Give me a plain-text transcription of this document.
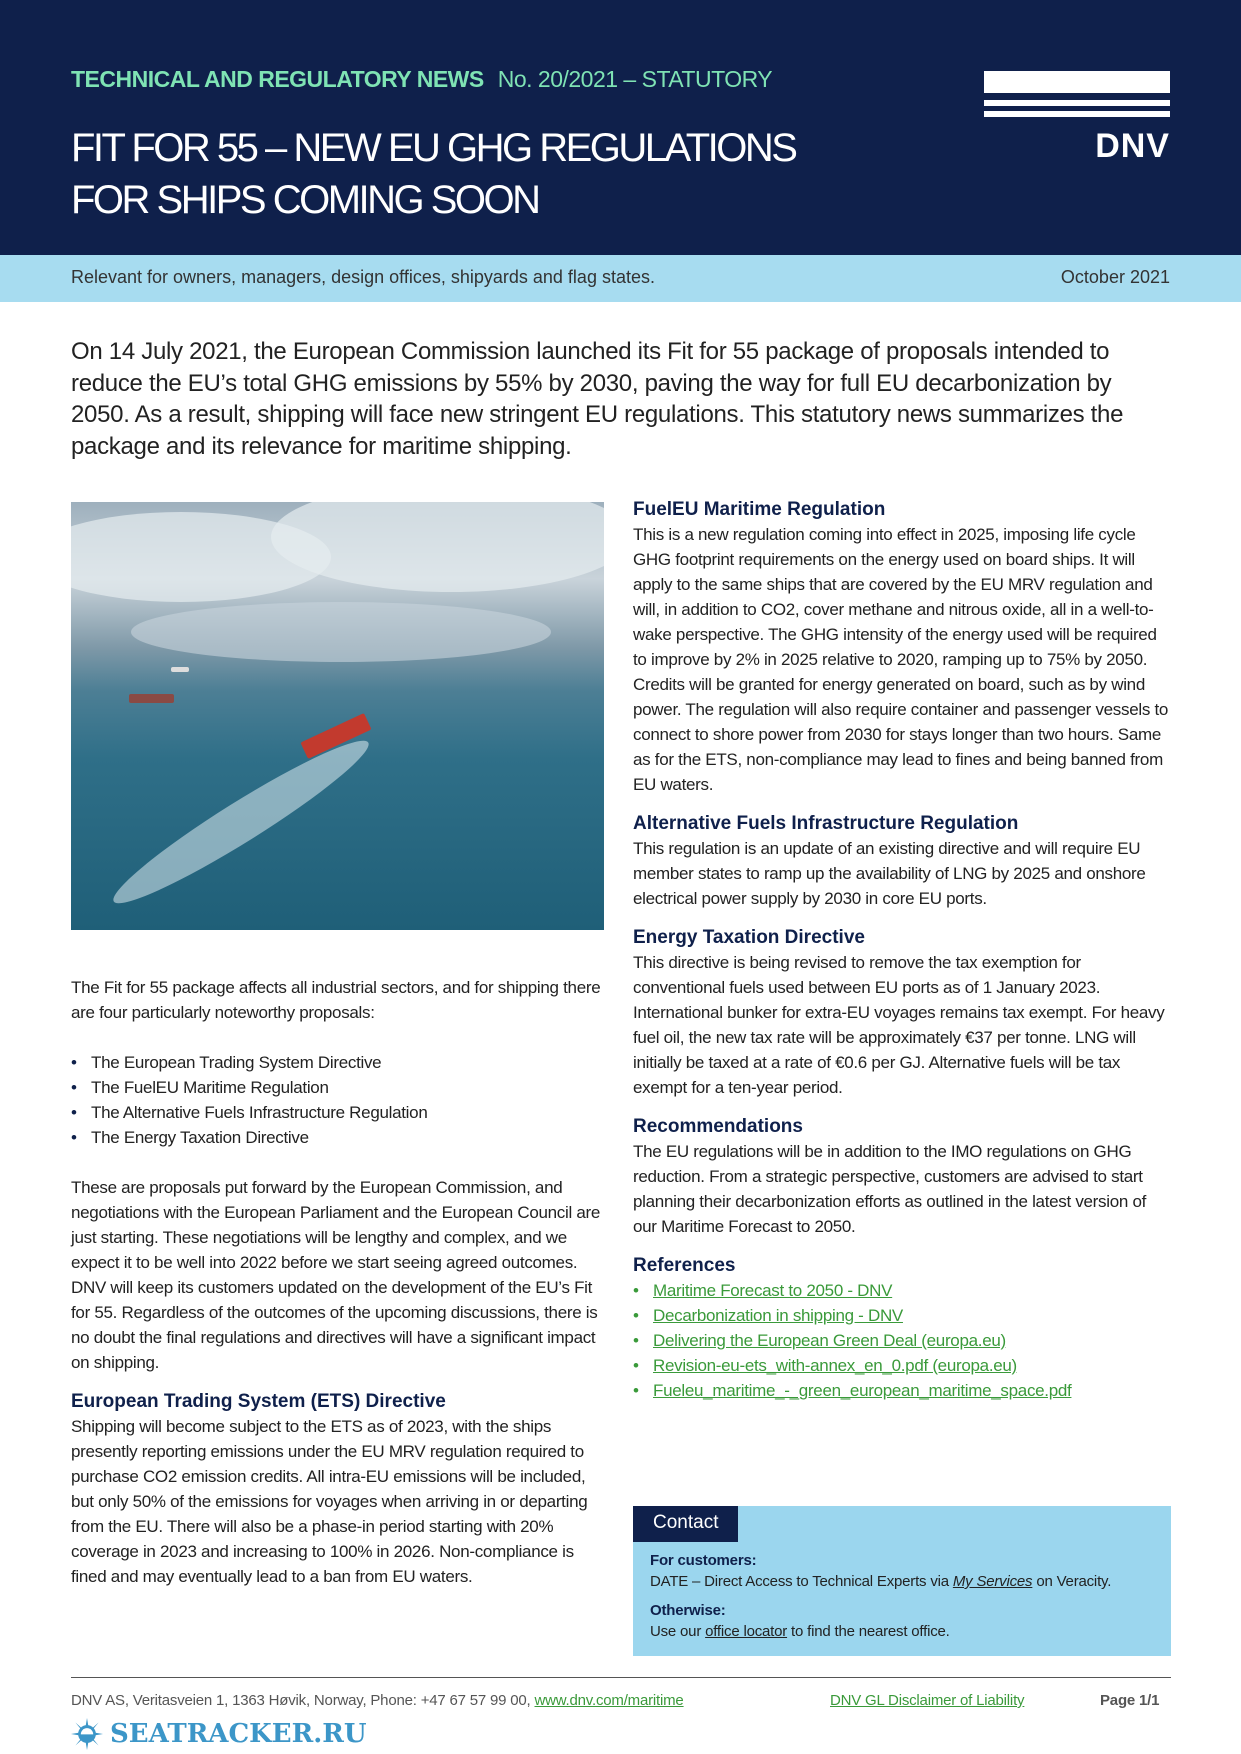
TECHNICAL AND REGULATORY NEWS No. 20/2021 – STATUTORY
FIT FOR 55 – NEW EU GHG REGULATIONS
FOR SHIPS COMING SOON
DNV
Relevant for owners, managers, design offices, shipyards and flag states.	October 2021

On 14 July 2021, the European Commission launched its Fit for 55 package of proposals intended to reduce the EU’s total GHG emissions by 55% by 2030, paving the way for full EU decarbonization by 2050. As a result, shipping will face new stringent EU regulations. This statutory news summarizes the package and its relevance for maritime shipping.

The Fit for 55 package affects all industrial sectors, and for shipping there are four particularly noteworthy proposals:

• The European Trading System Directive
• The FuelEU Maritime Regulation
• The Alternative Fuels Infrastructure Regulation
• The Energy Taxation Directive

These are proposals put forward by the European Commission, and negotiations with the European Parliament and the European Council are just starting. These negotiations will be lengthy and complex, and we expect it to be well into 2022 before we start seeing agreed outcomes. DNV will keep its customers updated on the development of the EU’s Fit for 55. Regardless of the outcomes of the upcoming discussions, there is no doubt the final regulations and directives will have a significant impact on shipping.

European Trading System (ETS) Directive

Shipping will become subject to the ETS as of 2023, with the ships presently reporting emissions under the EU MRV regulation required to purchase CO2 emission credits. All intra-EU emissions will be included, but only 50% of the emissions for voyages when arriving in or departing from the EU. There will also be a phase-in period starting with 20% coverage in 2023 and increasing to 100% in 2026. Non-compliance is fined and may eventually lead to a ban from EU waters.

FuelEU Maritime Regulation

This is a new regulation coming into effect in 2025, imposing life cycle GHG footprint requirements on the energy used on board ships. It will apply to the same ships that are covered by the EU MRV regulation and will, in addition to CO2, cover methane and nitrous oxide, all in a well-to-wake perspective. The GHG intensity of the energy used will be required to improve by 2% in 2025 relative to 2020, ramping up to 75% by 2050. Credits will be granted for energy generated on board, such as by wind power. The regulation will also require container and passenger vessels to connect to shore power from 2030 for stays longer than two hours. Same as for the ETS, non-compliance may lead to fines and being banned from EU waters.

Alternative Fuels Infrastructure Regulation

This regulation is an update of an existing directive and will require EU member states to ramp up the availability of LNG by 2025 and onshore electrical power supply by 2030 in core EU ports.

Energy Taxation Directive

This directive is being revised to remove the tax exemption for conventional fuels used between EU ports as of 1 January 2023. International bunker for extra-EU voyages remains tax exempt. For heavy fuel oil, the new tax rate will be approximately €37 per tonne. LNG will initially be taxed at a rate of €0.6 per GJ. Alternative fuels will be tax exempt for a ten-year period.

Recommendations

The EU regulations will be in addition to the IMO regulations on GHG reduction. From a strategic perspective, customers are advised to start planning their decarbonization efforts as outlined in the latest version of our Maritime Forecast to 2050.

References
• Maritime Forecast to 2050 - DNV
• Decarbonization in shipping - DNV
• Delivering the European Green Deal (europa.eu)
• Revision-eu-ets_with-annex_en_0.pdf (europa.eu)
• Fueleu_maritime_-_green_european_maritime_space.pdf
Contact
For customers:
DATE – Direct Access to Technical Experts via My Services on Veracity.
Otherwise:
Use our office locator to find the nearest office.
DNV AS, Veritasveien 1, 1363 Høvik, Norway, Phone: +47 67 57 99 00, www.dnv.com/maritime	DNV GL Disclaimer of Liability	Page 1/1
SEATRACKER.RU
